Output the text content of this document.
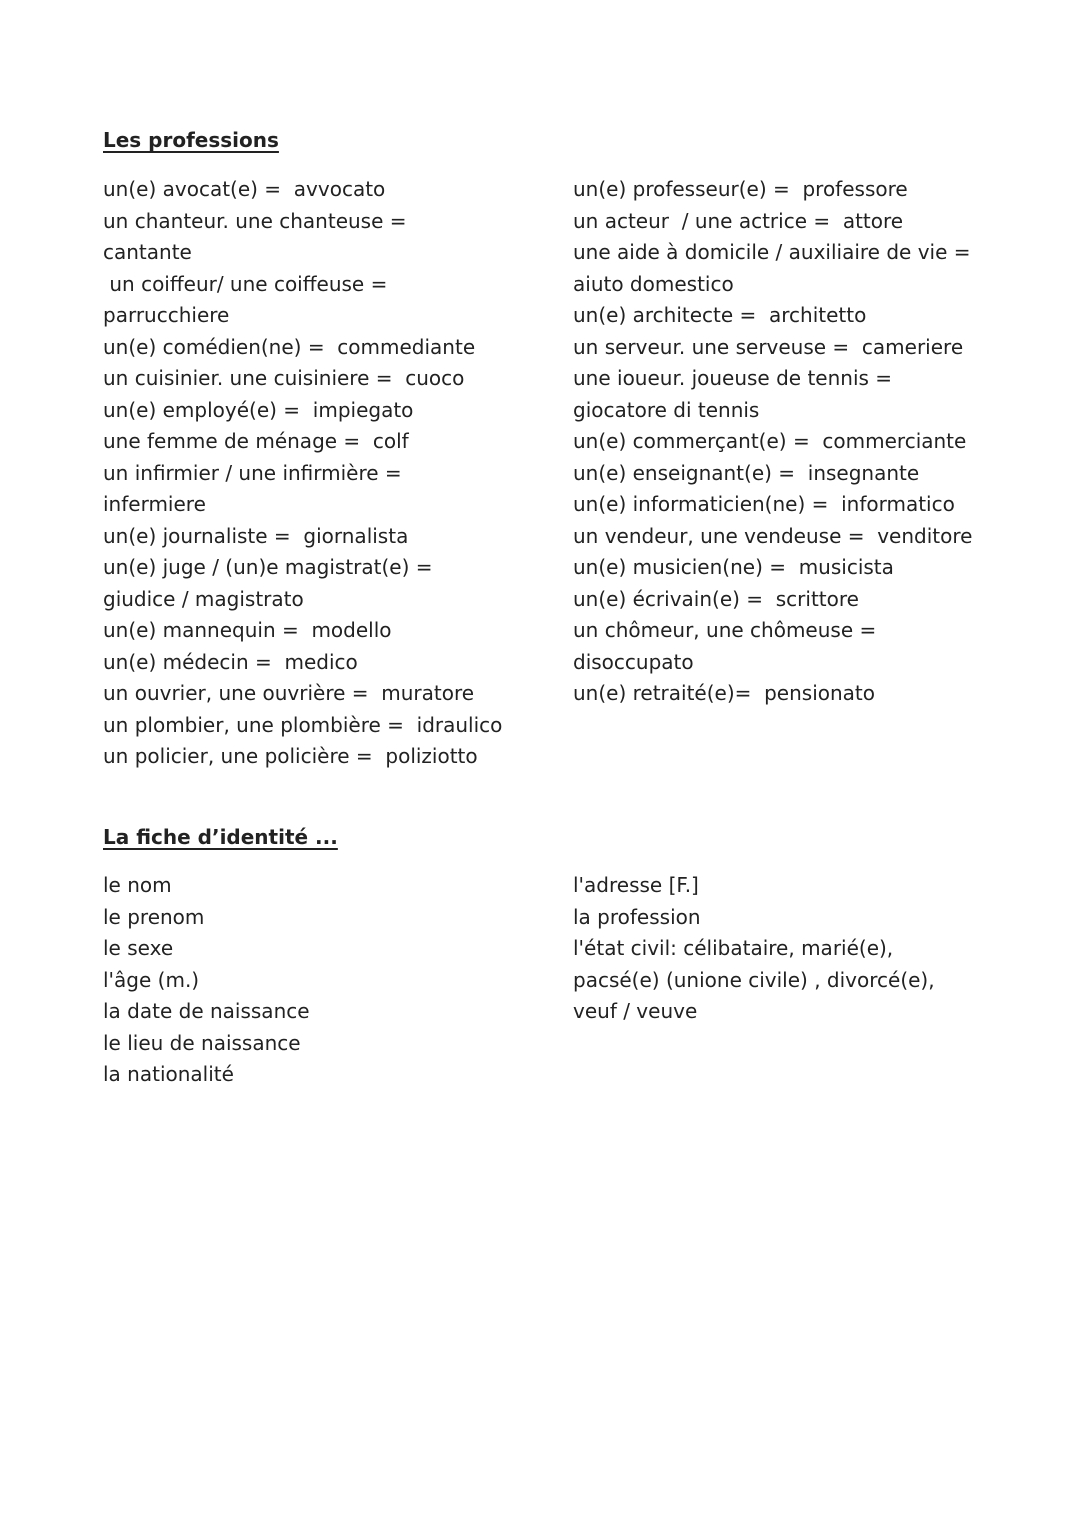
Les professions
un(e) avocat(e) =  avvocato
un chanteur. une chanteuse =
cantante
un coiffeur/ une coiffeuse =
parrucchiere
un(e) comédien(ne) =  commediante
un cuisinier. une cuisiniere =  cuoco
un(e) employé(e) =  impiegato
une femme de ménage =  colf
un infirmier / une infirmière =
infermiere
un(e) journaliste =  giornalista
un(e) juge / (un)e magistrat(e) =
giudice / magistrato
un(e) mannequin =  modello
un(e) médecin =  medico
un ouvrier, une ouvrière =  muratore
un plombier, une plombière =  idraulico
un policier, une policière =  poliziotto
un(e) professeur(e) =  professore
un acteur  / une actrice =  attore
une aide à domicile / auxiliaire de vie =
aiuto domestico
un(e) architecte =  architetto
un serveur. une serveuse =  cameriere
une ioueur. joueuse de tennis =
giocatore di tennis
un(e) commerçant(e) =  commerciante
un(e) enseignant(e) =  insegnante
un(e) informaticien(ne) =  informatico
un vendeur, une vendeuse =  venditore
un(e) musicien(ne) =  musicista
un(e) écrivain(e) =  scrittore
un chômeur, une chômeuse =
disoccupato
un(e) retraité(e)=  pensionato
La fiche d’identité ...
le nom
le prenom
le sexe
l'âge (m.)
la date de naissance
le lieu de naissance
la nationalité
l'adresse [F.]
la profession
l'état civil: célibataire, marié(e),
pacsé(e) (unione civile) , divorcé(e),
veuf / veuve
